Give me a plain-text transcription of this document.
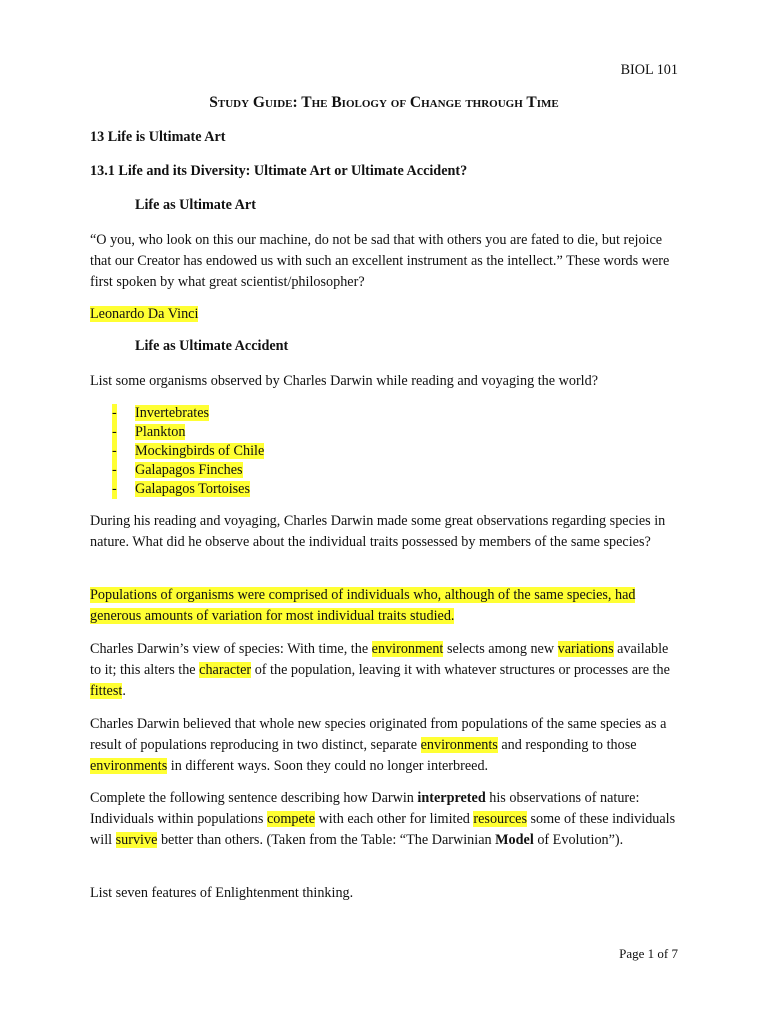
BIOL 101
Study Guide: The Biology of Change through Time
13 Life is Ultimate Art
13.1 Life and its Diversity: Ultimate Art or Ultimate Accident?
Life as Ultimate Art
“O you, who look on this our machine, do not be sad that with others you are fated to die, but rejoice that our Creator has endowed us with such an excellent instrument as the intellect.” These words were first spoken by what great scientist/philosopher?
Leonardo Da Vinci
Life as Ultimate Accident
List some organisms observed by Charles Darwin while reading and voyaging the world?
- Invertebrates
- Plankton
- Mockingbirds of Chile
- Galapagos Finches
- Galapagos Tortoises
During his reading and voyaging, Charles Darwin made some great observations regarding species in nature. What did he observe about the individual traits possessed by members of the same species?
Populations of organisms were comprised of individuals who, although of the same species, had generous amounts of variation for most individual traits studied.
Charles Darwin’s view of species: With time, the environment selects among new variations available to it; this alters the character of the population, leaving it with whatever structures or processes are the fittest.
Charles Darwin believed that whole new species originated from populations of the same species as a result of populations reproducing in two distinct, separate environments and responding to those environments in different ways. Soon they could no longer interbreed.
Complete the following sentence describing how Darwin interpreted his observations of nature: Individuals within populations compete with each other for limited resources some of these individuals will survive better than others. (Taken from the Table: “The Darwinian Model of Evolution”).
List seven features of Enlightenment thinking.
Page 1 of 7
